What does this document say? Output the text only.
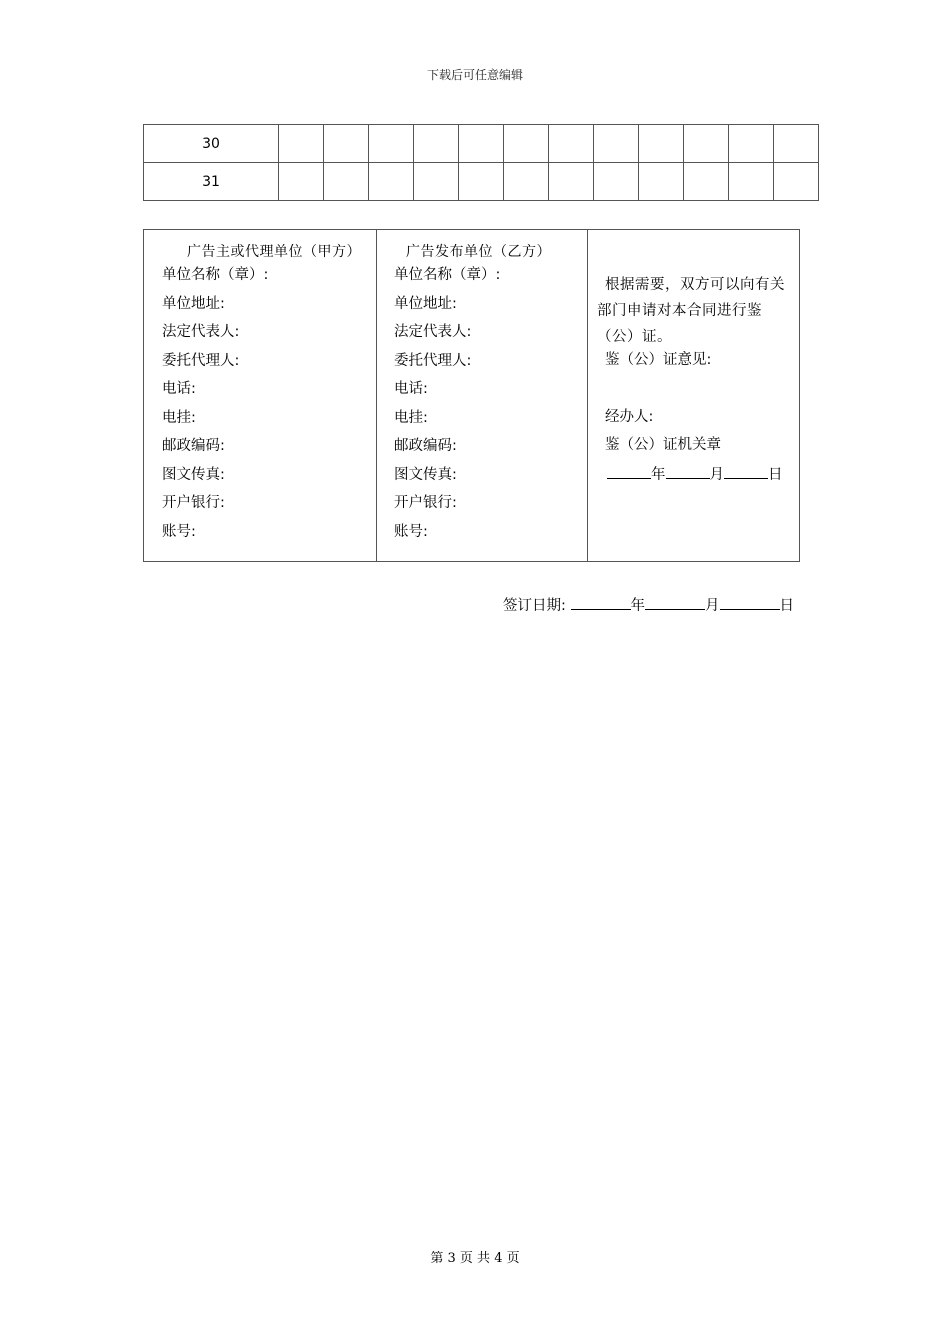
下载后可任意编辑
30												
31												
广告主或代理单位（甲方）
单位名称（章）:
单位地址:
法定代表人:
委托代理人:
电话:
电挂:
邮政编码:
图文传真:
开户银行:
账号:

广告发布单位（乙方）
单位名称（章）:
单位地址:
法定代表人:
委托代理人:
电话:
电挂:
邮政编码:
图文传真:
开户银行:
账号:

根据需要，双方可以向有关
部门申请对本合同进行鉴
（公）证。
鉴（公）证意见:
经办人:
鉴（公）证机关章
年	月	日
签订日期:	年	月	日
第 3 页 共 4 页
